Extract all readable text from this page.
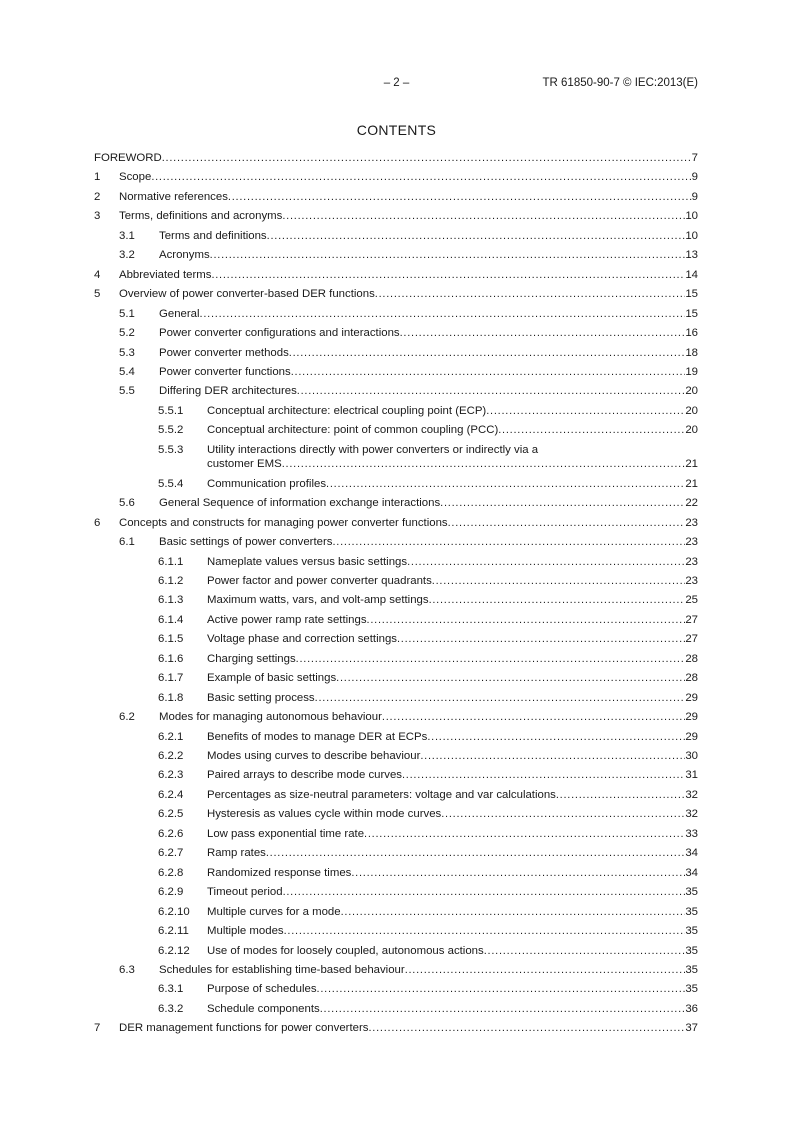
– 2 –	TR 61850-90-7 © IEC:2013(E)
CONTENTS
FOREWORD . . .	7
1	Scope . . .	9
2	Normative references . . .	9
3	Terms, definitions and acronyms . . .	10
3.1	Terms and definitions . . .	10
3.2	Acronyms . . .	13
4	Abbreviated terms . . .	14
5	Overview of power converter-based DER functions . . .	15
5.1	General . . .	15
5.2	Power converter configurations and interactions . . .	16
5.3	Power converter methods . . .	18
5.4	Power converter functions . . .	19
5.5	Differing DER architectures . . .	20
5.5.1	Conceptual architecture: electrical coupling point (ECP) . . .	20
5.5.2	Conceptual architecture: point of common coupling (PCC) . . .	20
5.5.3	Utility interactions directly with power converters or indirectly via a
customer EMS . . .	21
5.5.4	Communication profiles . . .	21
5.6	General Sequence of information exchange interactions . . .	22
6	Concepts and constructs for managing power converter functions . . .	23
6.1	Basic settings of power converters . . .	23
6.1.1	Nameplate values versus basic settings . . .	23
6.1.2	Power factor and power converter quadrants . . .	23
6.1.3	Maximum watts, vars, and volt-amp settings . . .	25
6.1.4	Active power ramp rate settings . . .	27
6.1.5	Voltage phase and correction settings . . .	27
6.1.6	Charging settings . . .	28
6.1.7	Example of basic settings . . .	28
6.1.8	Basic setting process . . .	29
6.2	Modes for managing autonomous behaviour . . .	29
6.2.1	Benefits of modes to manage DER at ECPs . . .	29
6.2.2	Modes using curves to describe behaviour . . .	30
6.2.3	Paired arrays to describe mode curves . . .	31
6.2.4	Percentages as size-neutral parameters: voltage and var calculations . . .	32
6.2.5	Hysteresis as values cycle within mode curves . . .	32
6.2.6	Low pass exponential time rate . . .	33
6.2.7	Ramp rates . . .	34
6.2.8	Randomized response times . . .	34
6.2.9	Timeout period . . .	35
6.2.10	Multiple curves for a mode . . .	35
6.2.11	Multiple modes . . .	35
6.2.12	Use of modes for loosely coupled, autonomous actions . . .	35
6.3	Schedules for establishing time-based behaviour . . .	35
6.3.1	Purpose of schedules . . .	35
6.3.2	Schedule components . . .	36
7	DER management functions for power converters . . .	37
